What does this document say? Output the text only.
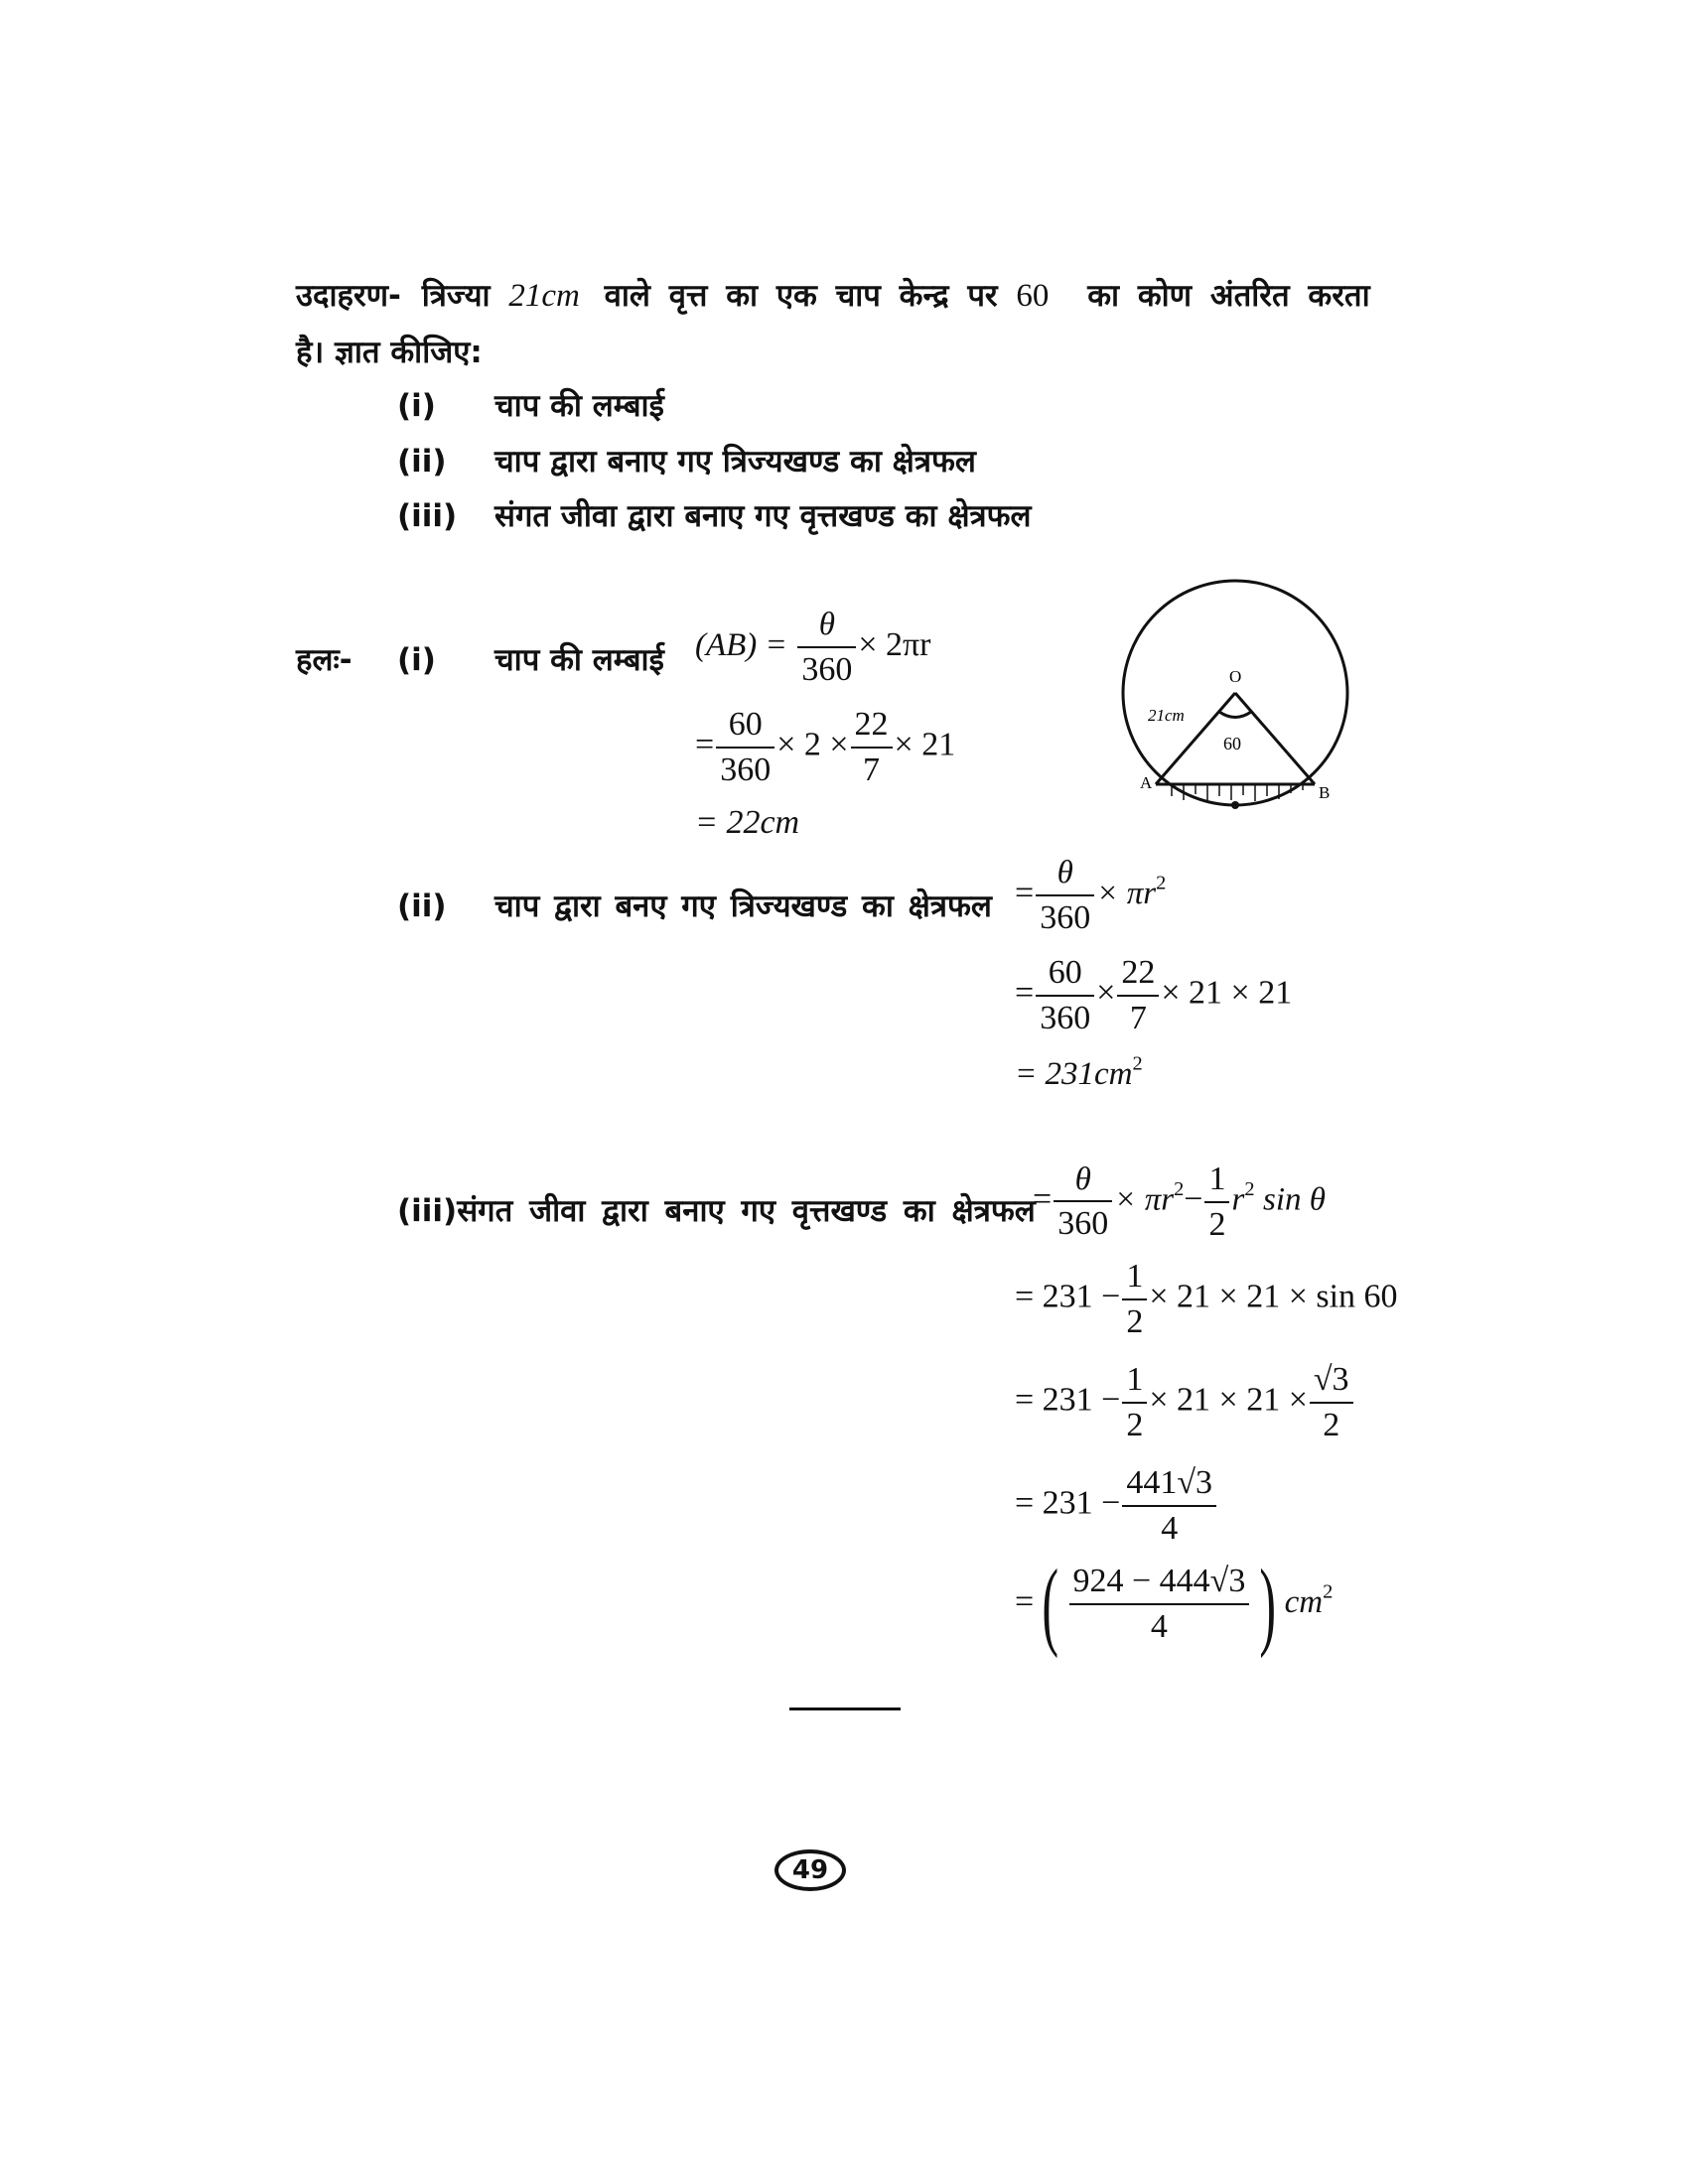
उदाहरण- त्रिज्या 21cm वाले वृत्त का एक चाप केन्द्र पर 60 का कोण अंतरित करता
है। ज्ञात कीजिए:
(i) चाप की लम्बाई
(ii) चाप द्वारा बनाए गए त्रिज्यखण्ड का क्षेत्रफल
(iii) संगत जीवा द्वारा बनाए गए वृत्तखण्ड का क्षेत्रफल
हलः- (i) चाप की लम्बाई $(AB) = \frac{\theta}{360} \times 2\pi r$
= $\frac{60}{360} \times 2 \times \frac{22}{7} \times 21$
= 22cm
O
21cm
60
A
B
(ii) चाप द्वारा बनए गए त्रिज्यखण्ड का क्षेत्रफल = $\frac{\theta}{360} \times \pi r^2$
= $\frac{60}{360} \times \frac{22}{7} \times 21 \times 21$
= $231cm^2$
(iii)संगत जीवा द्वारा बनाए गए वृत्तखण्ड का क्षेत्रफल
= $\frac{\theta}{360} \times \pi r^2- \frac{1}{2} r^2$ sin θ
= $231 - \frac{1}{2} \times 21 \times 21 \times \sin 60$
= $231 - \frac{1}{2} \times 21 \times 21 \times \frac{√3}{2}$
= $231 - \frac{441√3}{4}$
=( $\frac{924 - 444√3}{4}$ ) $cm^2$
49
